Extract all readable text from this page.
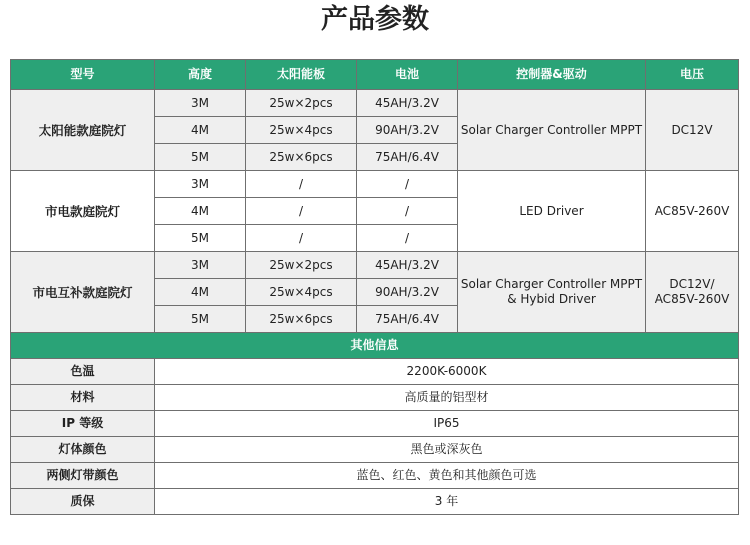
产品参数
型号	高度	太阳能板	电池	控制器&驱动	电压
太阳能款庭院灯	3M	25w×2pcs	45AH/3.2V	Solar Charger Controller MPPT	DC12V
	4M	25w×4pcs	90AH/3.2V		
	5M	25w×6pcs	75AH/6.4V		
市电款庭院灯	3M	/	/	LED Driver	AC85V-260V
	4M	/	/		
	5M	/	/		
市电互补款庭院灯	3M	25w×2pcs	45AH/3.2V	Solar Charger Controller MPPT & Hybid Driver	DC12V/ AC85V-260V
	4M	25w×4pcs	90AH/3.2V		
	5M	25w×6pcs	75AH/6.4V		
其他信息					
色温	2200K-6000K				
材料	高质量的铝型材				
IP 等级	IP65				
灯体颜色	黑色或深灰色				
两侧灯带颜色	蓝色、红色、黄色和其他颜色可选				
质保	3 年				
